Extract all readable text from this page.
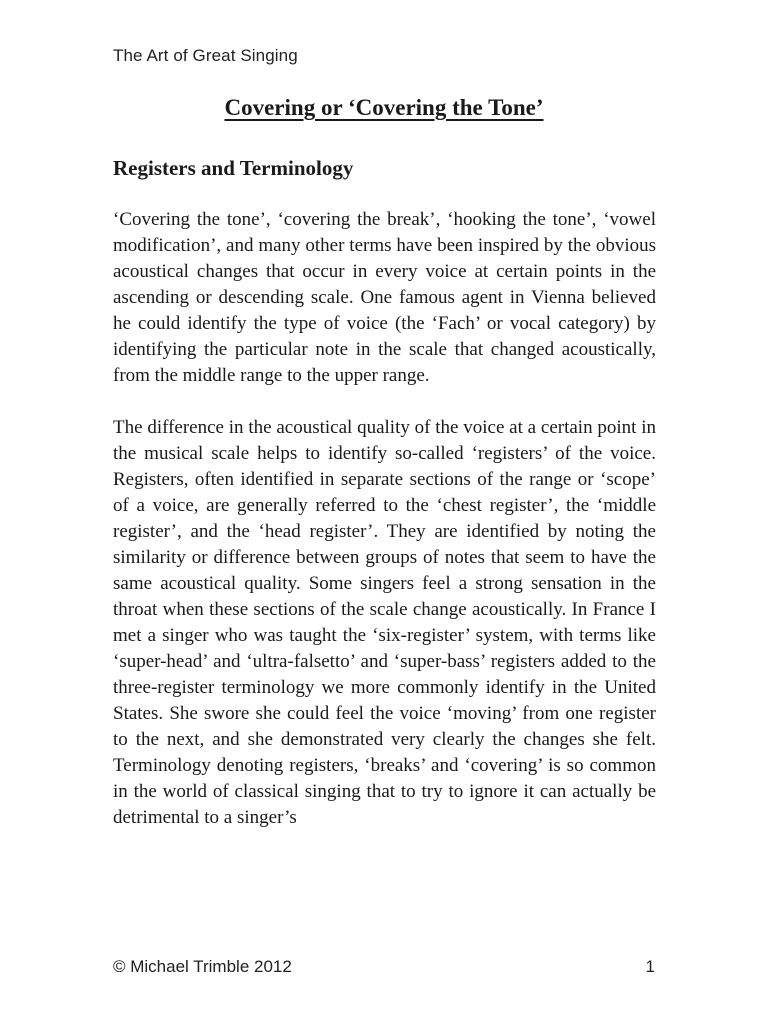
The Art of Great Singing
Covering or ‘Covering the Tone’
Registers and Terminology

‘Covering the tone’, ‘covering the break’, ‘hooking the tone’, ‘vowel modification’, and many other terms have been inspired by the obvious acoustical changes that occur in every voice at certain points in the ascending or descending scale. One famous agent in Vienna believed he could identify the type of voice (the ‘Fach’ or vocal category) by identifying the particular note in the scale that changed acoustically, from the middle range to the upper range.

The difference in the acoustical quality of the voice at a certain point in the musical scale helps to identify so-called ‘registers’ of the voice. Registers, often identified in separate sections of the range or ‘scope’ of a voice, are generally referred to the ‘chest register’, the ‘middle register’, and the ‘head register’. They are identified by noting the similarity or difference between groups of notes that seem to have the same acoustical quality. Some singers feel a strong sensation in the throat when these sections of the scale change acoustically. In France I met a singer who was taught the ‘six-register’ system, with terms like ‘super-head’ and ‘ultra-falsetto’ and ‘super-bass’ registers added to the three-register terminology we more commonly identify in the United States. She swore she could feel the voice ‘moving’ from one register to the next, and she demonstrated very clearly the changes she felt. Terminology denoting registers, ‘breaks’ and ‘covering’ is so common in the world of classical singing that to try to ignore it can actually be detrimental to a singer’s

© Michael Trimble 2012	1
